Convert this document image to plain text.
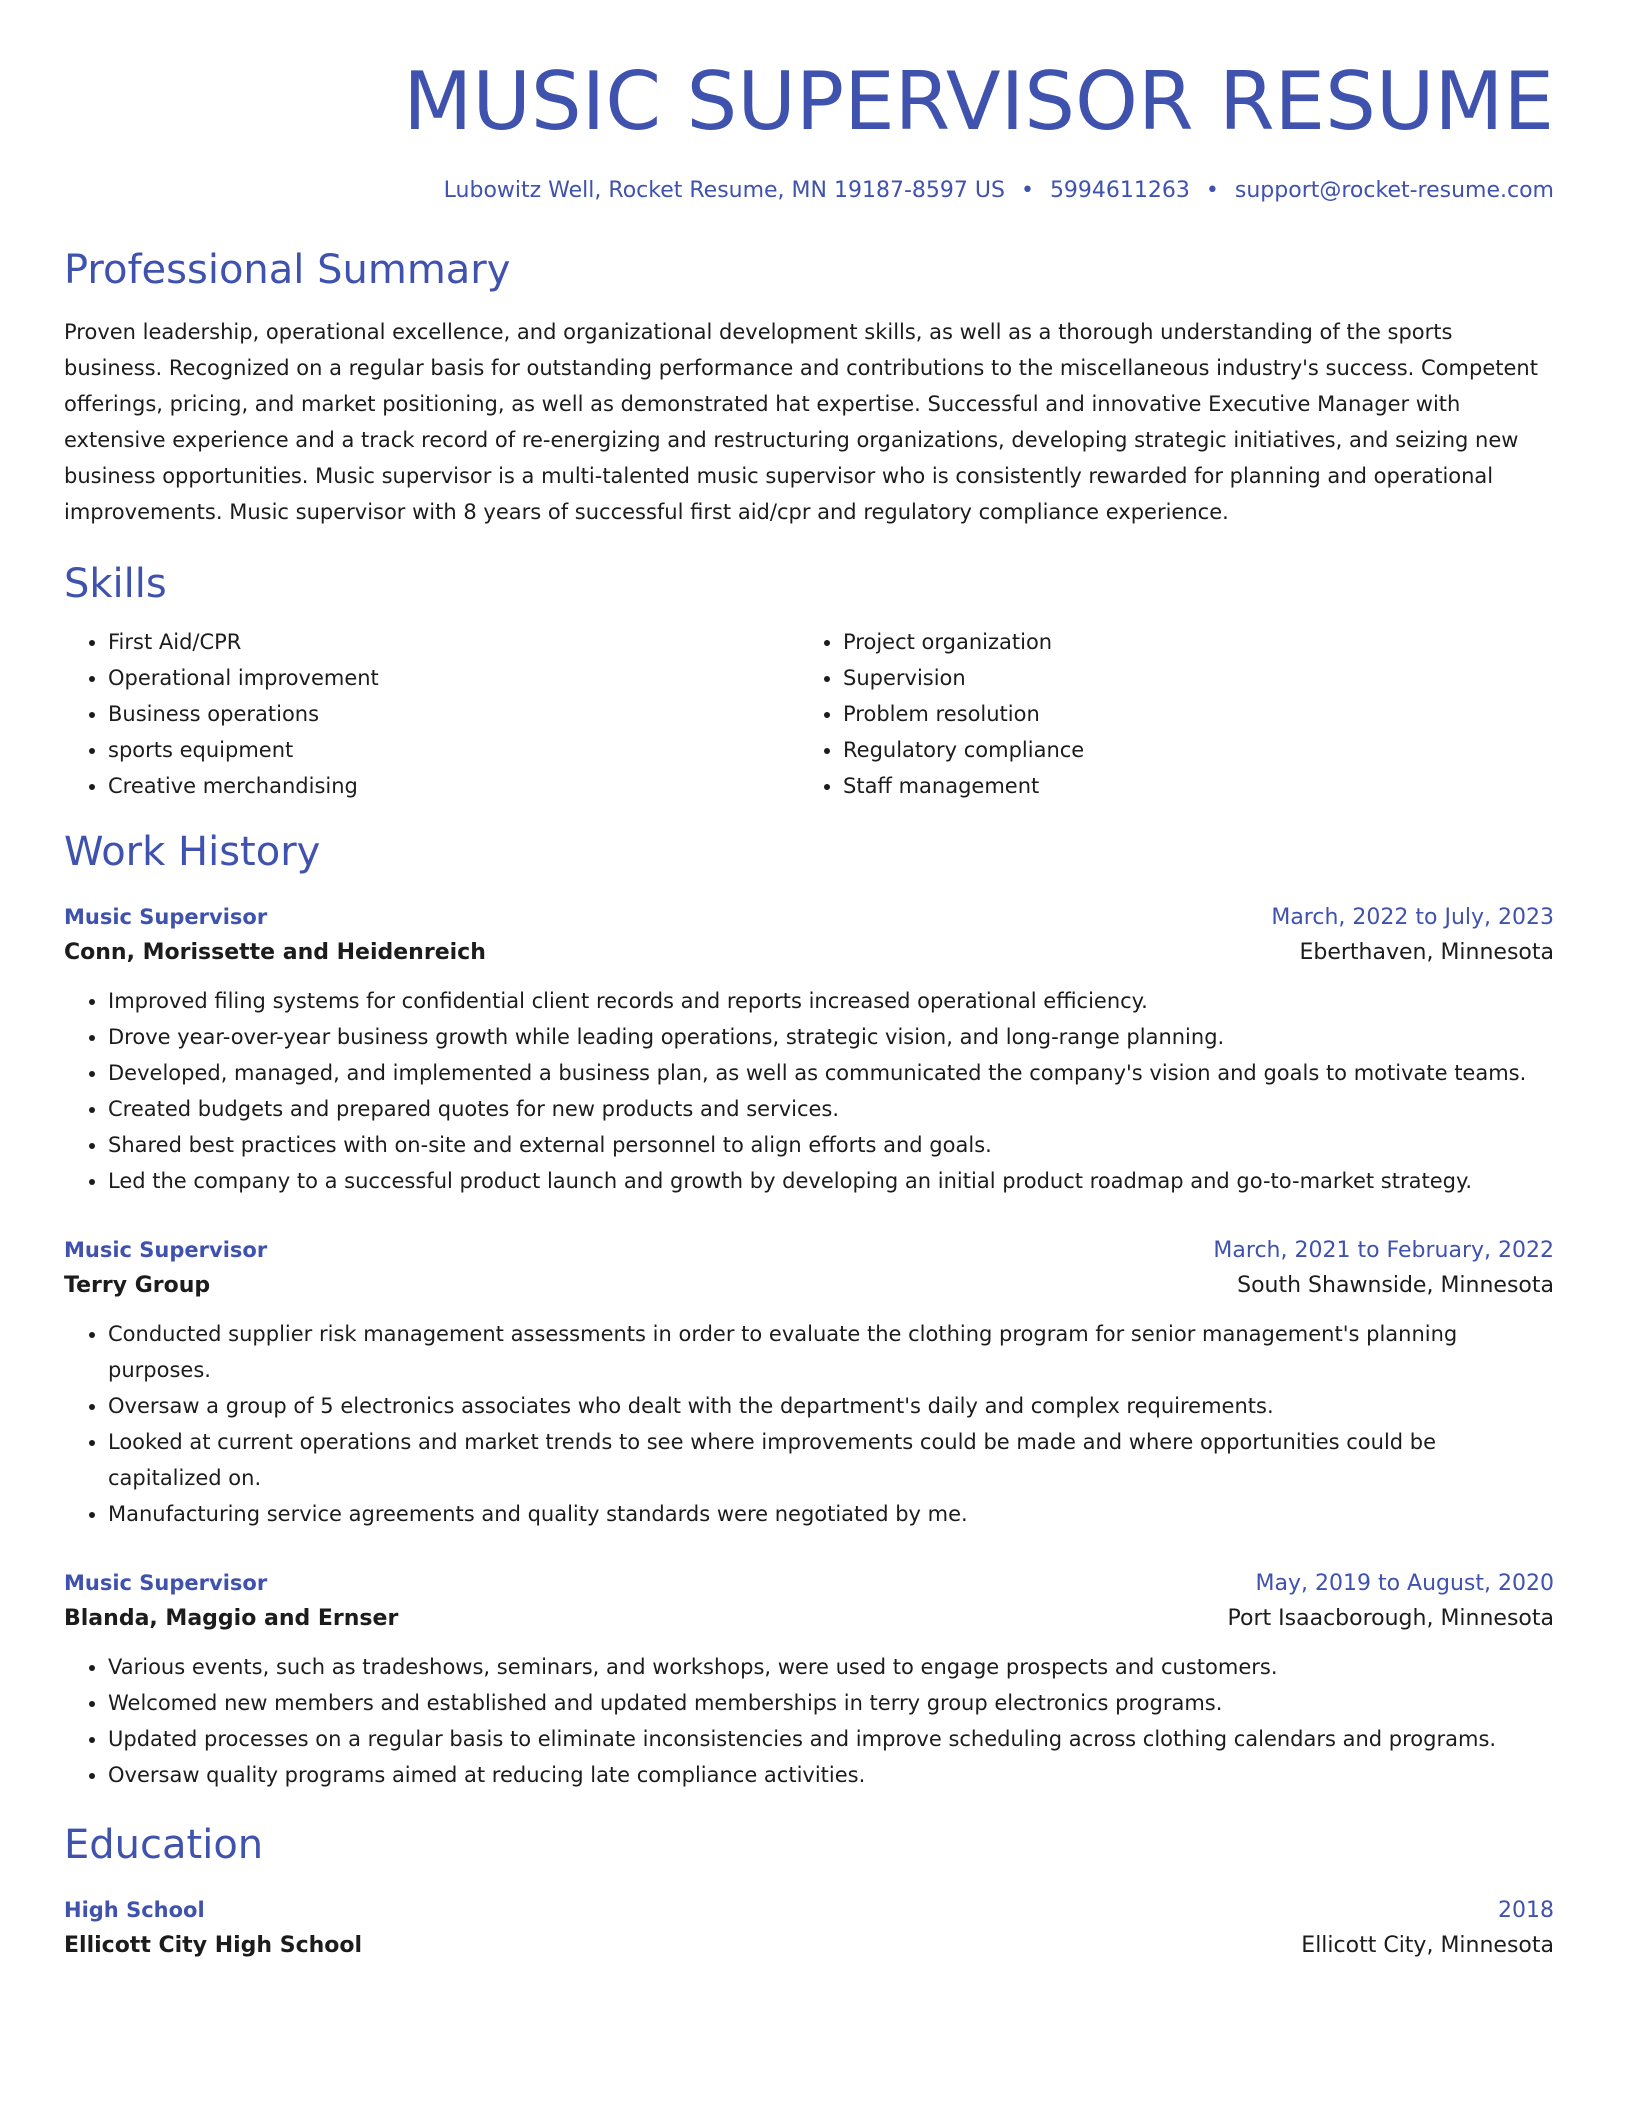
MUSIC SUPERVISOR RESUME
Lubowitz Well, Rocket Resume, MN 19187-8597 US • 5994611263 • support@rocket-resume.com
Professional Summary
Proven leadership, operational excellence, and organizational development skills, as well as a thorough understanding of the sports business. Recognized on a regular basis for outstanding performance and contributions to the miscellaneous industry's success. Competent offerings, pricing, and market positioning, as well as demonstrated hat expertise. Successful and innovative Executive Manager with extensive experience and a track record of re-energizing and restructuring organizations, developing strategic initiatives, and seizing new business opportunities. Music supervisor is a multi-talented music supervisor who is consistently rewarded for planning and operational improvements. Music supervisor with 8 years of successful first aid/cpr and regulatory compliance experience.
Skills
• First Aid/CPR
• Operational improvement
• Business operations
• sports equipment
• Creative merchandising
• Project organization
• Supervision
• Problem resolution
• Regulatory compliance
• Staff management
Work History
Music Supervisor	March, 2022 to July, 2023
Conn, Morissette and Heidenreich	Eberthaven, Minnesota
• Improved filing systems for confidential client records and reports increased operational efficiency.
• Drove year-over-year business growth while leading operations, strategic vision, and long-range planning.
• Developed, managed, and implemented a business plan, as well as communicated the company's vision and goals to motivate teams.
• Created budgets and prepared quotes for new products and services.
• Shared best practices with on-site and external personnel to align efforts and goals.
• Led the company to a successful product launch and growth by developing an initial product roadmap and go-to-market strategy.
Music Supervisor	March, 2021 to February, 2022
Terry Group	South Shawnside, Minnesota
• Conducted supplier risk management assessments in order to evaluate the clothing program for senior management's planning purposes.
• Oversaw a group of 5 electronics associates who dealt with the department's daily and complex requirements.
• Looked at current operations and market trends to see where improvements could be made and where opportunities could be capitalized on.
• Manufacturing service agreements and quality standards were negotiated by me.
Music Supervisor	May, 2019 to August, 2020
Blanda, Maggio and Ernser	Port Isaacborough, Minnesota
• Various events, such as tradeshows, seminars, and workshops, were used to engage prospects and customers.
• Welcomed new members and established and updated memberships in terry group electronics programs.
• Updated processes on a regular basis to eliminate inconsistencies and improve scheduling across clothing calendars and programs.
• Oversaw quality programs aimed at reducing late compliance activities.
Education
High School	2018
Ellicott City High School	Ellicott City, Minnesota
